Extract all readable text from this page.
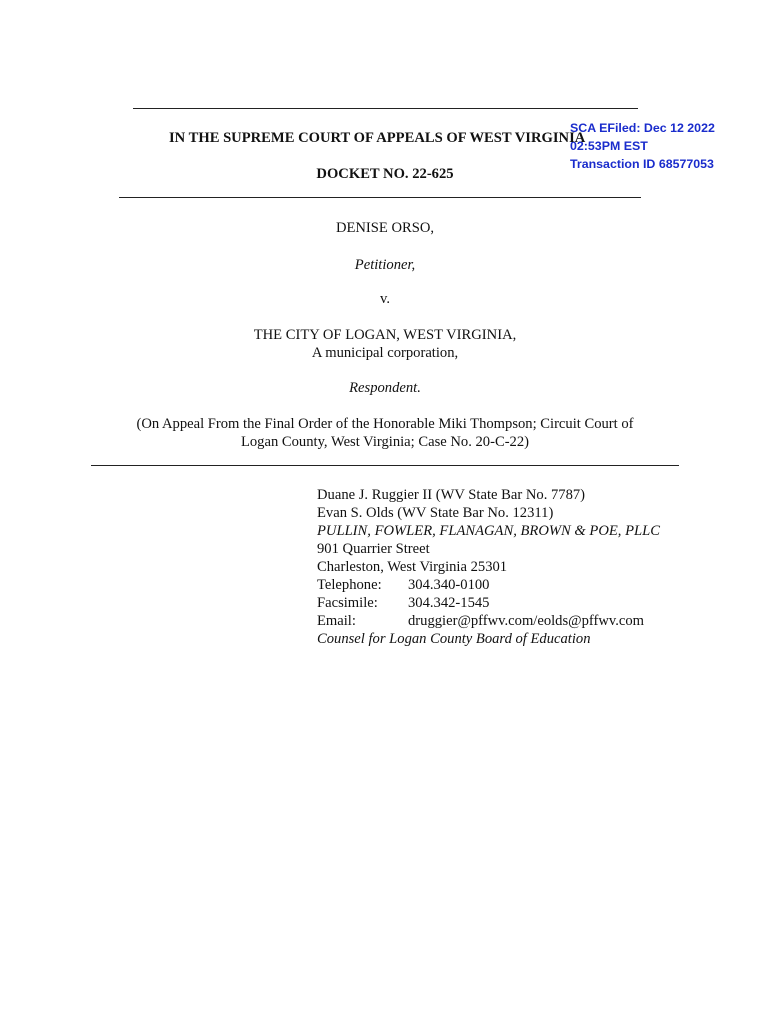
SCA EFiled: Dec 12 2022
02:53PM EST
Transaction ID 68577053
IN THE SUPREME COURT OF APPEALS OF WEST VIRGINIA
DOCKET NO. 22-625
DENISE ORSO,
Petitioner,
v.
THE CITY OF LOGAN, WEST VIRGINIA,
A municipal corporation,
Respondent.
(On Appeal From the Final Order of the Honorable Miki Thompson; Circuit Court of
Logan County, West Virginia; Case No. 20-C-22)
Duane J. Ruggier II (WV State Bar No. 7787)
Evan S. Olds (WV State Bar No. 12311)
PULLIN, FOWLER, FLANAGAN, BROWN & POE, PLLC
901 Quarrier Street
Charleston, West Virginia 25301
Telephone: 304.340-0100
Facsimile: 304.342-1545
Email:	druggier@pffwv.com/eolds@pffwv.com
Counsel for Logan County Board of Education
